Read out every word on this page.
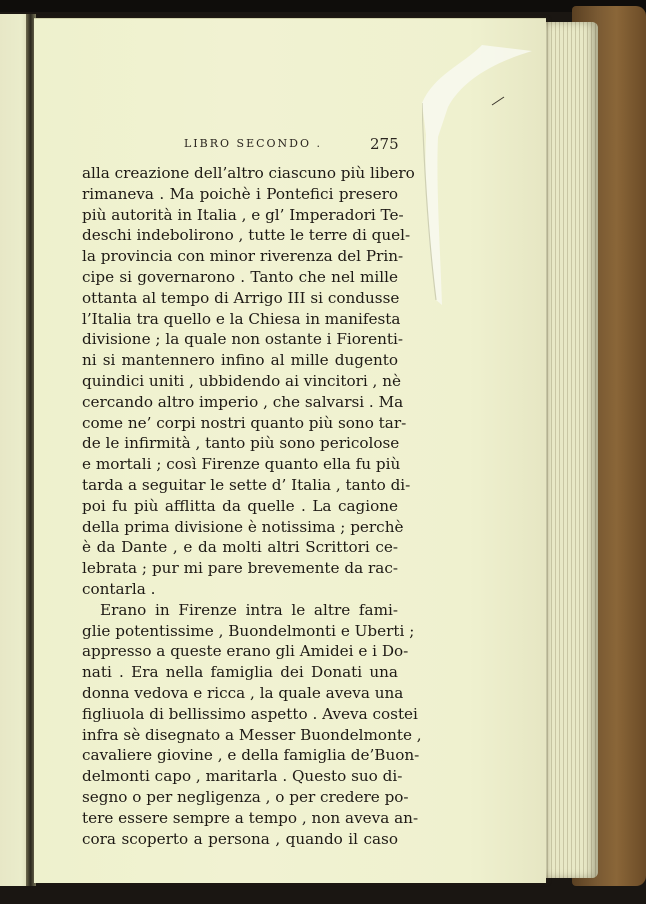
LIBRO SECONDO .	275
alla creazione dell’altro ciascuno più libero
rimaneva . Ma poichè i Pontefici presero
più autorità in Italia , e gl’ Imperadori Te-
deschi indebolirono , tutte le terre di quel-
la provincia con minor riverenza del Prin-
cipe si governarono . Tanto che nel mille
ottanta al tempo di Arrigo III si condusse
l’Italia tra quello e la Chiesa in manifesta
divisione ; la quale non ostante i Fiorenti-
ni si mantennero infino al mille dugento
quindici uniti , ubbidendo ai vincitori , nè
cercando altro imperio , che salvarsi . Ma
come ne’ corpi nostri quanto più sono tar-
de le infirmità , tanto più sono pericolose
e mortali ; così Firenze quanto ella fu più
tarda a seguitar le sette d’ Italia , tanto di-
poi fu più afflitta da quelle . La cagione
della prima divisione è notissima ; perchè
è da Dante , e da molti altri Scrittori ce-
lebrata ; pur mi pare brevemente da rac-
contarla .
Erano in Firenze intra le altre fami-
glie potentissime , Buondelmonti e Uberti ;
appresso a queste erano gli Amidei e i Do-
nati . Era nella famiglia dei Donati una
donna vedova e ricca , la quale aveva una
figliuola di bellissimo aspetto . Aveva costei
infra sè disegnato a Messer Buondelmonte ,
cavaliere giovine , e della famiglia de’Buon-
delmonti capo , maritarla . Questo suo di-
segno o per negligenza , o per credere po-
tere essere sempre a tempo , non aveva an-
cora scoperto a persona , quando il caso
